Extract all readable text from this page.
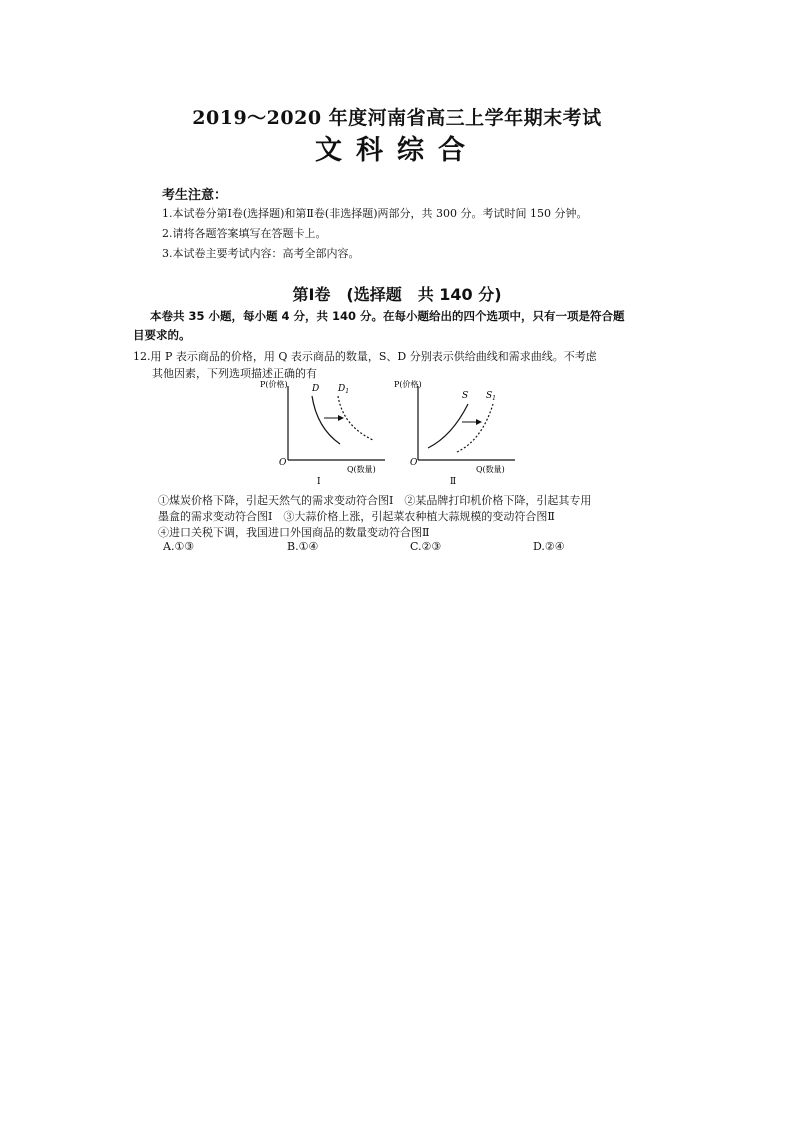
2019～2020 年度河南省高三上学年期末考试
文科综合
考生注意：
1.本试卷分第Ⅰ卷(选择题)和第Ⅱ卷(非选择题)两部分，共 300 分。考试时间 150 分钟。
2.请将各题答案填写在答题卡上。
3.本试卷主要考试内容：高考全部内容。
第Ⅰ卷　(选择题　共 140 分)
本卷共 35 小题，每小题 4 分，共 140 分。在每小题给出的四个选项中，只有一项是符合题
目要求的。
12.用 P 表示商品的价格，用 Q 表示商品的数量，S、D 分别表示供给曲线和需求曲线。不考虑
其他因素，下列选项描述正确的有
P(价格)
O
D $D_1$
Q(数量)
Ⅰ
P(价格)
O
S $S_1$
Q(数量)
Ⅱ
①煤炭价格下降，引起天然气的需求变动符合图Ⅰ　②某品牌打印机价格下降，引起其专用
墨盒的需求变动符合图Ⅰ　③大蒜价格上涨，引起菜农种植大蒜规模的变动符合图Ⅱ
④进口关税下调，我国进口外国商品的数量变动符合图Ⅱ
A.①③	B.①④	C.②③	D.②④
